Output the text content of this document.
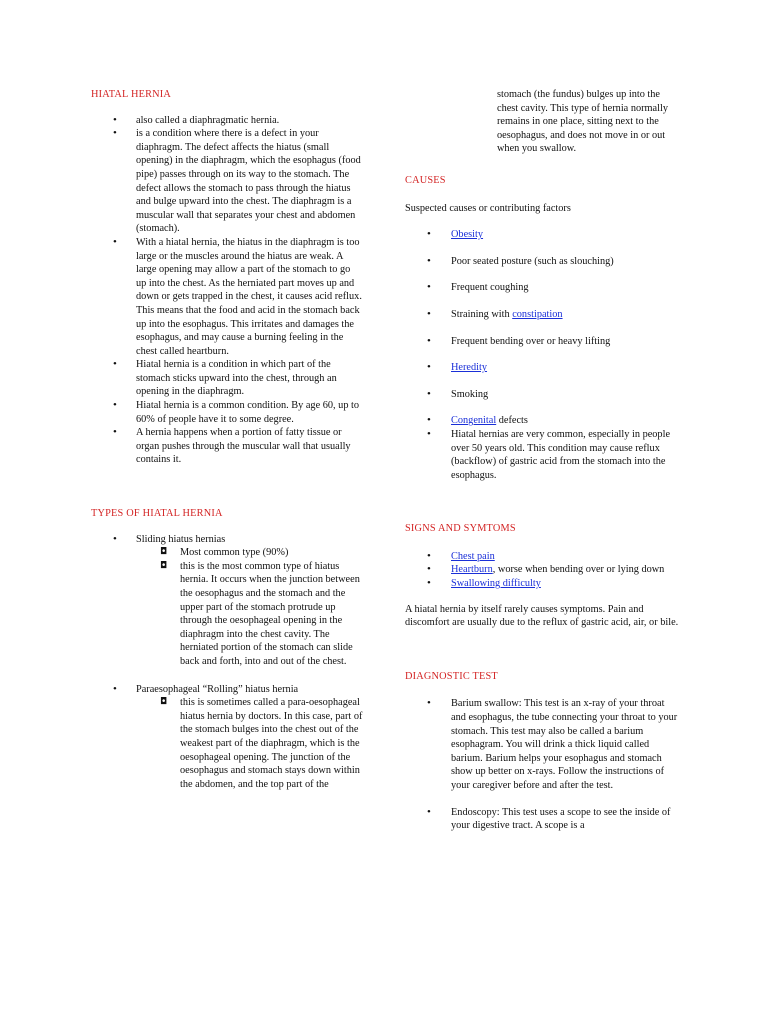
HIATAL HERNIA
• also called a diaphragmatic hernia.
• is a condition where there is a defect in your diaphragm. The defect affects the hiatus (small opening) in the diaphragm, which the esophagus (food pipe) passes through on its way to the stomach. The defect allows the stomach to pass through the hiatus and bulge upward into the chest. The diaphragm is a muscular wall that separates your chest and abdomen (stomach).
• With a hiatal hernia, the hiatus in the diaphragm is too large or the muscles around the hiatus are weak. A large opening may allow a part of the stomach to go up into the chest. As the herniated part moves up and down or gets trapped in the chest, it causes acid reflux. This means that the food and acid in the stomach back up into the esophagus. This irritates and damages the esophagus, and may cause a burning feeling in the chest called heartburn.
• Hiatal hernia is a condition in which part of the stomach sticks upward into the chest, through an opening in the diaphragm.
• Hiatal hernia is a common condition. By age 60, up to 60% of people have it to some degree.
• A hernia happens when a portion of fatty tissue or organ pushes through the muscular wall that usually contains it.
TYPES OF HIATAL HERNIA
• Sliding hiatus hernias
◘ Most common type (90%)
◘ this is the most common type of hiatus hernia. It occurs when the junction between the oesophagus and the stomach and the upper part of the stomach protrude up through the oesophageal opening in the diaphragm into the chest cavity. The herniated portion of the stomach can slide back and forth, into and out of the chest.
• Paraesophageal “Rolling” hiatus hernia
◘ this is sometimes called a para-oesophageal hiatus hernia by doctors. In this case, part of the stomach bulges into the chest out of the weakest part of the diaphragm, which is the oesophageal opening. The junction of the oesophagus and stomach stays down within the abdomen, and the top part of the
stomach (the fundus) bulges up into the chest cavity. This type of hernia normally remains in one place, sitting next to the oesophagus, and does not move in or out when you swallow.
CAUSES
Suspected causes or contributing factors
• Obesity
• Poor seated posture (such as slouching)
• Frequent coughing
• Straining with constipation
• Frequent bending over or heavy lifting
• Heredity
• Smoking
• Congenital defects
• Hiatal hernias are very common, especially in people over 50 years old. This condition may cause reflux (backflow) of gastric acid from the stomach into the esophagus.
SIGNS AND SYMTOMS
• Chest pain
• Heartburn, worse when bending over or lying down
• Swallowing difficulty
A hiatal hernia by itself rarely causes symptoms. Pain and discomfort are usually due to the reflux of gastric acid, air, or bile.
DIAGNOSTIC TEST
• Barium swallow: This test is an x-ray of your throat and esophagus, the tube connecting your throat to your stomach. This test may also be called a barium esophagram. You will drink a thick liquid called barium. Barium helps your esophagus and stomach show up better on x-rays. Follow the instructions of your caregiver before and after the test.
• Endoscopy: This test uses a scope to see the inside of your digestive tract. A scope is a
